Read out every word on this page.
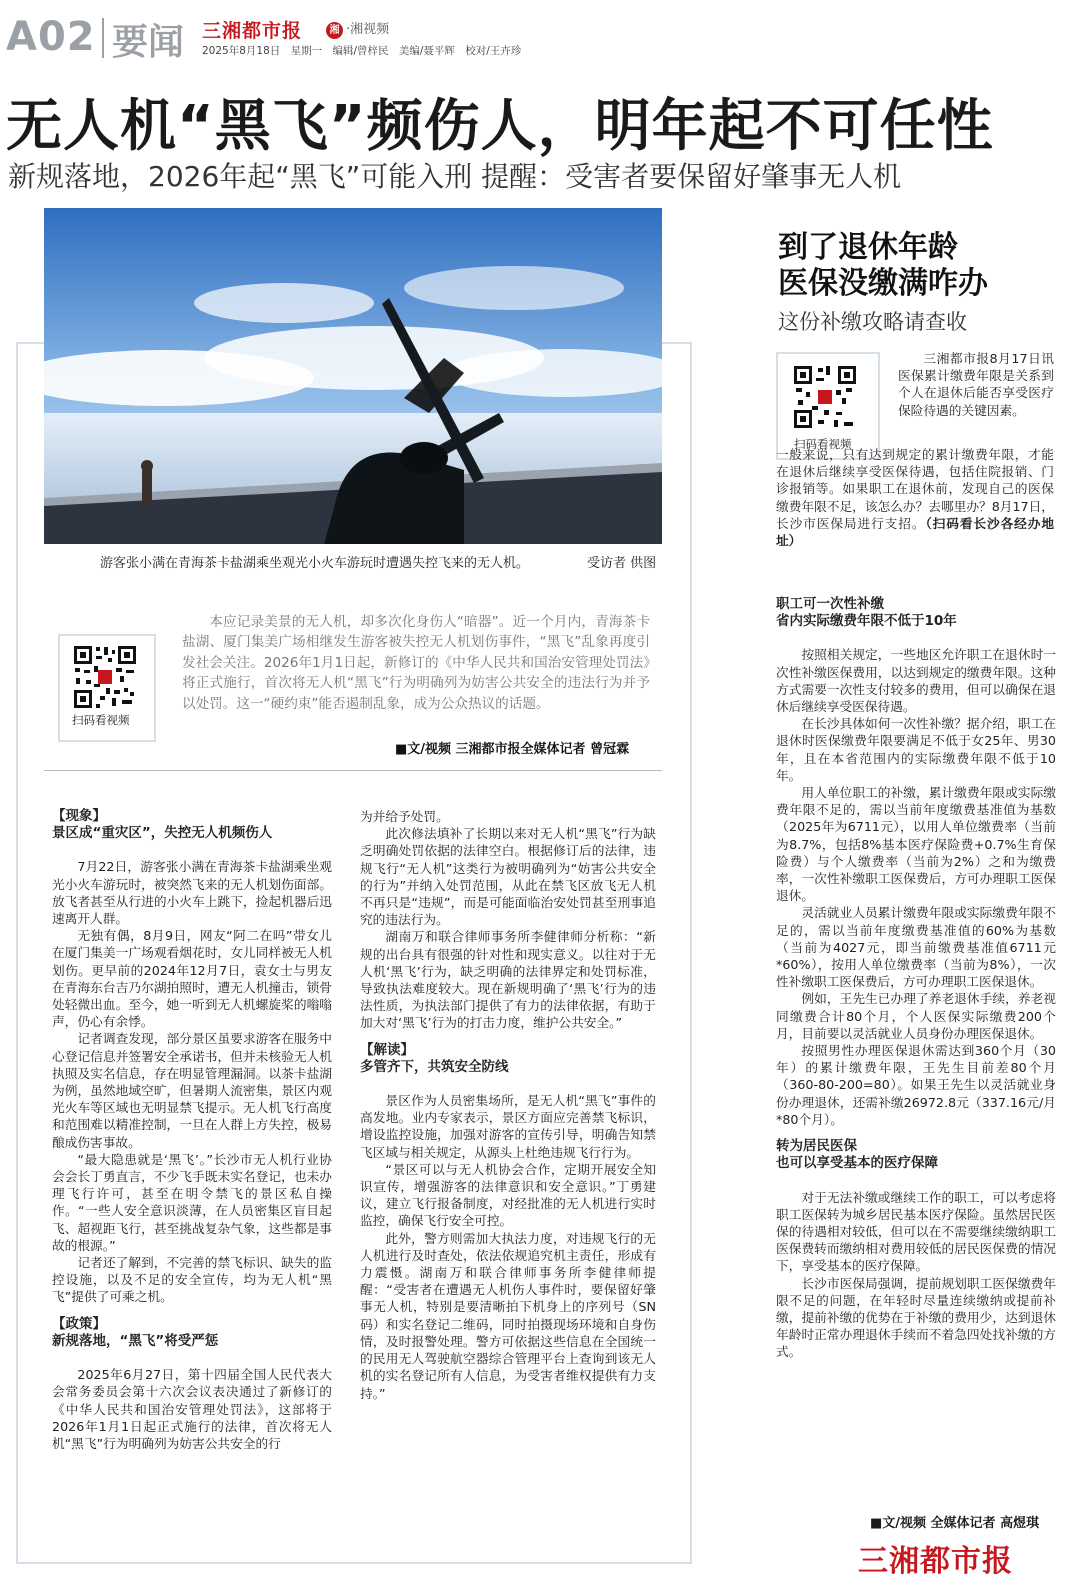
A02 要闻 三湘都市报	湘 ·湘视频
2025年8月18日 星期一 编辑/曾梓民 美编/聂平辉 校对/王卉珍
无人机“黑飞”频伤人，明年起不可任性
新规落地，2026年起“黑飞”可能入刑 提醒：受害者要保留好肇事无人机
游客张小满在青海茶卡盐湖乘坐观光小火车游玩时遭遇失控飞来的无人机。	受访者 供图
扫码看视频
本应记录美景的无人机，却多次化身伤人“暗器”。近一个月内，青海茶卡盐湖、厦门集美广场相继发生游客被失控无人机划伤事件，“黑飞”乱象再度引发社会关注。2026年1月1日起，新修订的《中华人民共和国治安管理处罚法》将正式施行，首次将无人机“黑飞”行为明确列为妨害公共安全的违法行为并予以处罚。这一“硬约束”能否遏制乱象，成为公众热议的话题。
■文/视频 三湘都市报全媒体记者 曾冠霖

【现象】

景区成“重灾区”，失控无人机频伤人

7月22日，游客张小满在青海茶卡盐湖乘坐观光小火车游玩时，被突然飞来的无人机划伤面部。放飞者甚至从行进的小火车上跳下，捡起机器后迅速离开人群。

无独有偶，8月9日，网友“阿二在吗”带女儿在厦门集美一广场观看烟花时，女儿同样被无人机划伤。更早前的2024年12月7日，袁女士与男友在青海东台吉乃尔湖拍照时，遭无人机撞击，锁骨处轻微出血。至今，她一听到无人机螺旋桨的嗡嗡声，仍心有余悸。

记者调查发现，部分景区虽要求游客在服务中心登记信息并签署安全承诺书，但并未核验无人机执照及实名信息，存在明显管理漏洞。以茶卡盐湖为例，虽然地域空旷，但暑期人流密集，景区内观光火车等区域也无明显禁飞提示。无人机飞行高度和范围难以精准控制，一旦在人群上方失控，极易酿成伤害事故。

“最大隐患就是‘黑飞’。”长沙市无人机行业协会会长丁勇直言，不少飞手既未实名登记，也未办理飞行许可，甚至在明令禁飞的景区私自操作。“一些人安全意识淡薄，在人员密集区盲目起飞、超视距飞行，甚至挑战复杂气象，这些都是事故的根源。”

记者还了解到，不完善的禁飞标识、缺失的监控设施，以及不足的安全宣传，均为无人机“黑飞”提供了可乘之机。

【政策】

新规落地，“黑飞”将受严惩

2025年6月27日，第十四届全国人民代表大会常务委员会第十六次会议表决通过了新修订的《中华人民共和国治安管理处罚法》，这部将于2026年1月1日起正式施行的法律，首次将无人机“黑飞”行为明确列为妨害公共安全的行

为并给予处罚。

此次修法填补了长期以来对无人机“黑飞”行为缺乏明确处罚依据的法律空白。根据修订后的法律，违规飞行“无人机”这类行为被明确列为“妨害公共安全的行为”并纳入处罚范围，从此在禁飞区放飞无人机不再只是“违规”，而是可能面临治安处罚甚至刑事追究的违法行为。

湖南万和联合律师事务所李健律师分析称：“新规的出台具有很强的针对性和现实意义。以往对于无人机‘黑飞’行为，缺乏明确的法律界定和处罚标准，导致执法难度较大。现在新规明确了‘黑飞’行为的违法性质，为执法部门提供了有力的法律依据，有助于加大对‘黑飞’行为的打击力度，维护公共安全。”

【解读】

多管齐下，共筑安全防线

景区作为人员密集场所，是无人机“黑飞”事件的高发地。业内专家表示，景区方面应完善禁飞标识，增设监控设施，加强对游客的宣传引导，明确告知禁飞区域与相关规定，从源头上杜绝违规飞行行为。

“景区可以与无人机协会合作，定期开展安全知识宣传，增强游客的法律意识和安全意识。”丁勇建议，建立飞行报备制度，对经批准的无人机进行实时监控，确保飞行安全可控。

此外，警方则需加大执法力度，对违规飞行的无人机进行及时查处，依法依规追究机主责任，形成有力震慑。湖南万和联合律师事务所李健律师提醒：“受害者在遭遇无人机伤人事件时，要保留好肇事无人机，特别是要清晰拍下机身上的序列号（SN码）和实名登记二维码，同时拍摄现场环境和自身伤情，及时报警处理。警方可依据这些信息在全国统一的民用无人驾驶航空器综合管理平台上查询到该无人机的实名登记所有人信息，为受害者维权提供有力支持。”

到了退休年龄
医保没缴满咋办
这份补缴攻略请查收
扫码看视频
三湘都市报8月17日讯 医保累计缴费年限是关系到个人在退休后能否享受医疗保险待遇的关键因素。
一般来说，只有达到规定的累计缴费年限，才能在退休后继续享受医保待遇，包括住院报销、门诊报销等。如果职工在退休前，发现自己的医保缴费年限不足，该怎么办？去哪里办？8月17日，长沙市医保局进行支招。（扫码看长沙各经办地址）

职工可一次性补缴

省内实际缴费年限不低于10年

按照相关规定，一些地区允许职工在退休时一次性补缴医保费用，以达到规定的缴费年限。这种方式需要一次性支付较多的费用，但可以确保在退休后继续享受医保待遇。

在长沙具体如何一次性补缴？据介绍，职工在退休时医保缴费年限要满足不低于女25年、男30年，且在本省范围内的实际缴费年限不低于10年。

用人单位职工的补缴，累计缴费年限或实际缴费年限不足的，需以当前年度缴费基准值为基数（2025年为6711元），以用人单位缴费率（当前为8.7%，包括8%基本医疗保险费+0.7%生育保险费）与个人缴费率（当前为2%）之和为缴费率，一次性补缴职工医保费后，方可办理职工医保退休。

灵活就业人员累计缴费年限或实际缴费年限不足的，需以当前年度缴费基准值的60%为基数（当前为4027元，即当前缴费基准值6711元*60%），按用人单位缴费率（当前为8%），一次性补缴职工医保费后，方可办理职工医保退休。

例如，王先生已办理了养老退休手续，养老视同缴费合计80个月，个人医保实际缴费200个月，目前要以灵活就业人员身份办理医保退休。

按照男性办理医保退休需达到360个月（30年）的累计缴费年限，王先生目前差80个月（360-80-200=80）。如果王先生以灵活就业身份办理退休，还需补缴26972.8元（337.16元/月*80个月）。

转为居民医保

也可以享受基本的医疗保障

对于无法补缴或继续工作的职工，可以考虑将职工医保转为城乡居民基本医疗保险。虽然居民医保的待遇相对较低，但可以在不需要继续缴纳职工医保费转而缴纳相对费用较低的居民医保费的情况下，享受基本的医疗保障。

长沙市医保局强调，提前规划职工医保缴费年限不足的问题，在年轻时尽量连续缴纳或提前补缴，提前补缴的优势在于补缴的费用少，达到退休年龄时正常办理退休手续而不着急四处找补缴的方式。

■文/视频 全媒体记者 高煜琪
三湘都市报
